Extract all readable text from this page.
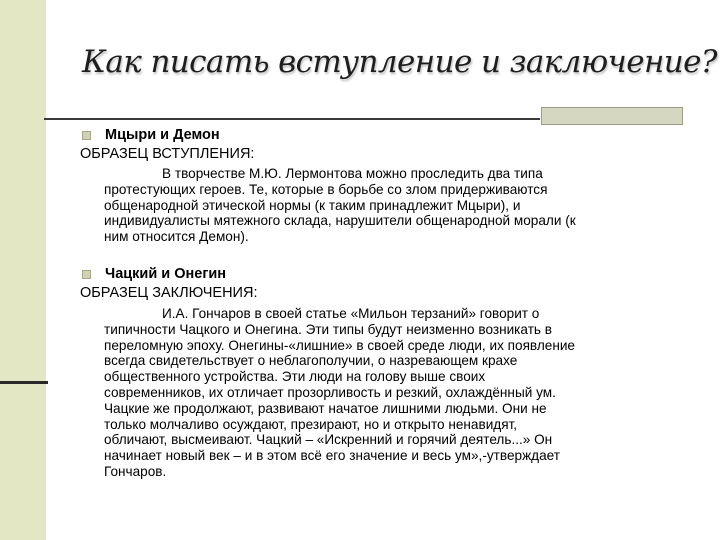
Как писать вступление и заключение?
Мцыри и Демон
ОБРАЗЕЦ ВСТУПЛЕНИЯ:
В творчестве М.Ю. Лермонтова можно проследить два типа
протестующих героев. Те, которые в борьбе со злом придерживаются
общенародной этической нормы (к таким принадлежит Мцыри), и
индивидуалисты мятежного склада, нарушители общенародной морали (к
ним относится Демон).
Чацкий и Онегин
ОБРАЗЕЦ ЗАКЛЮЧЕНИЯ:
И.А. Гончаров в своей статье «Мильон терзаний» говорит о
типичности Чацкого и Онегина. Эти типы будут неизменно возникать в
переломную эпоху. Онегины-«лишние» в своей среде люди, их появление
всегда свидетельствует о неблагополучии, о назревающем крахе
общественного устройства. Эти люди на голову выше своих
современников, их отличает прозорливость и резкий, охлаждённый ум.
Чацкие же продолжают, развивают начатое лишними людьми. Они не
только молчаливо осуждают, презирают, но и открыто ненавидят,
обличают, высмеивают. Чацкий – «Искренний и горячий деятель...» Он
начинает новый век – и в этом всё его значение и весь ум»,-утверждает
Гончаров.
